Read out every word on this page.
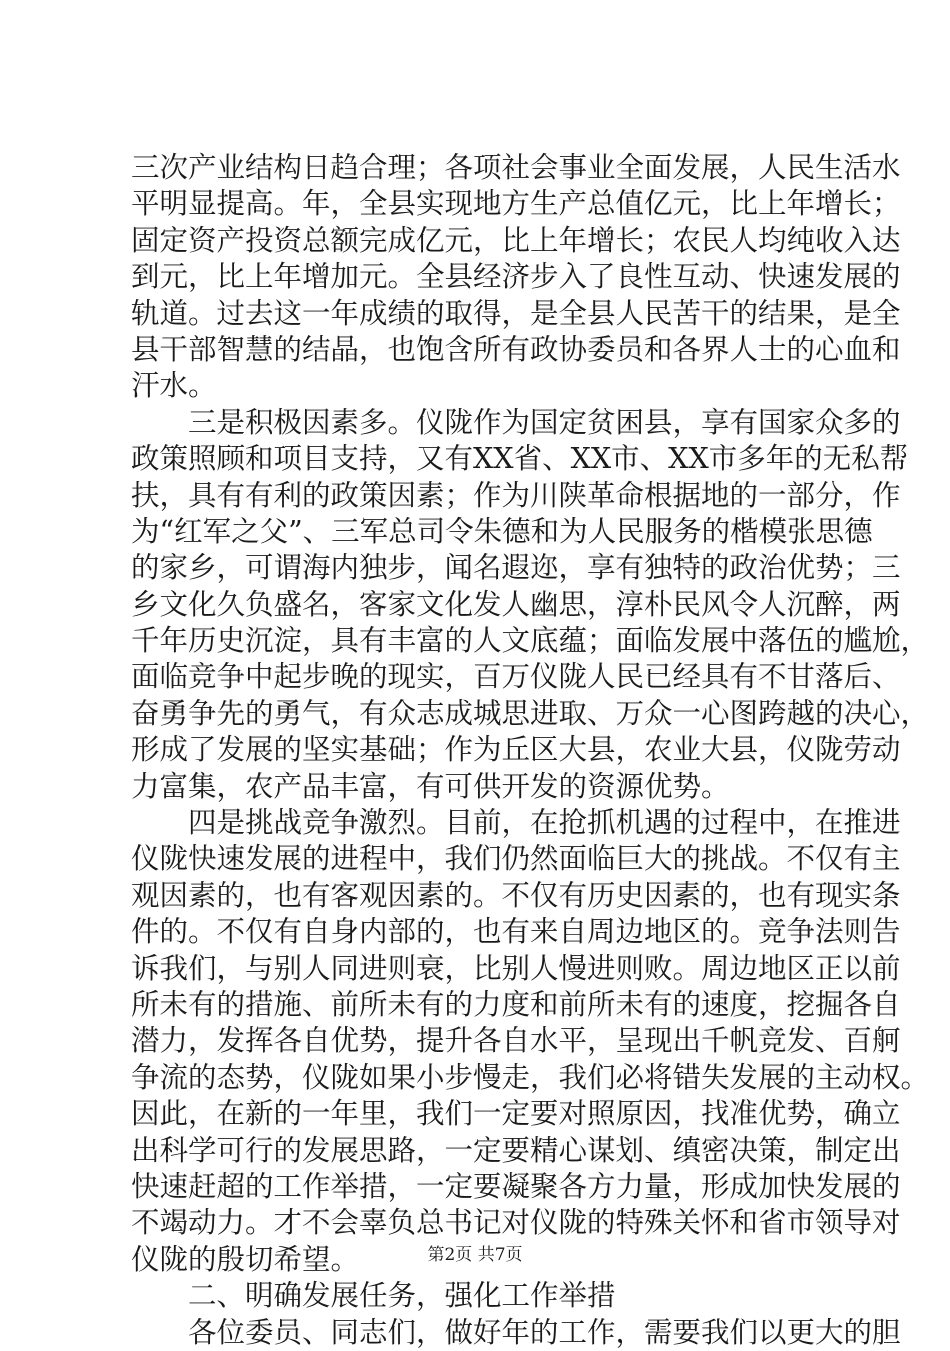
三次产业结构日趋合理；各项社会事业全面发展，人民生活水
平明显提高。年，全县实现地方生产总值亿元，比上年增长；
固定资产投资总额完成亿元，比上年增长；农民人均纯收入达
到元，比上年增加元。全县经济步入了良性互动、快速发展的
轨道。过去这一年成绩的取得，是全县人民苦干的结果，是全
县干部智慧的结晶，也饱含所有政协委员和各界人士的心血和
汗水。
三是积极因素多。仪陇作为国定贫困县，享有国家众多的
政策照顾和项目支持，又有XX省、XX市、XX市多年的无私帮
扶，具有有利的政策因素；作为川陕革命根据地的一部分，作
为“红军之父”、三军总司令朱德和为人民服务的楷模张思德
的家乡，可谓海内独步，闻名遐迩，享有独特的政治优势；三
乡文化久负盛名，客家文化发人幽思，淳朴民风令人沉醉，两
千年历史沉淀，具有丰富的人文底蕴；面临发展中落伍的尴尬，
面临竞争中起步晚的现实，百万仪陇人民已经具有不甘落后、
奋勇争先的勇气，有众志成城思进取、万众一心图跨越的决心，
形成了发展的坚实基础；作为丘区大县，农业大县，仪陇劳动
力富集，农产品丰富，有可供开发的资源优势。
四是挑战竞争激烈。目前，在抢抓机遇的过程中，在推进
仪陇快速发展的进程中，我们仍然面临巨大的挑战。不仅有主
观因素的，也有客观因素的。不仅有历史因素的，也有现实条
件的。不仅有自身内部的，也有来自周边地区的。竞争法则告
诉我们，与别人同进则衰，比别人慢进则败。周边地区正以前
所未有的措施、前所未有的力度和前所未有的速度，挖掘各自
潜力，发挥各自优势，提升各自水平，呈现出千帆竞发、百舸
争流的态势，仪陇如果小步慢走，我们必将错失发展的主动权。
因此，在新的一年里，我们一定要对照原因，找准优势，确立
出科学可行的发展思路，一定要精心谋划、缜密决策，制定出
快速赶超的工作举措，一定要凝聚各方力量，形成加快发展的
不竭动力。才不会辜负总书记对仪陇的特殊关怀和省市领导对
仪陇的殷切希望。
二、明确发展任务，强化工作举措
各位委员、同志们，做好年的工作，需要我们以更大的胆
第2页 共7页
